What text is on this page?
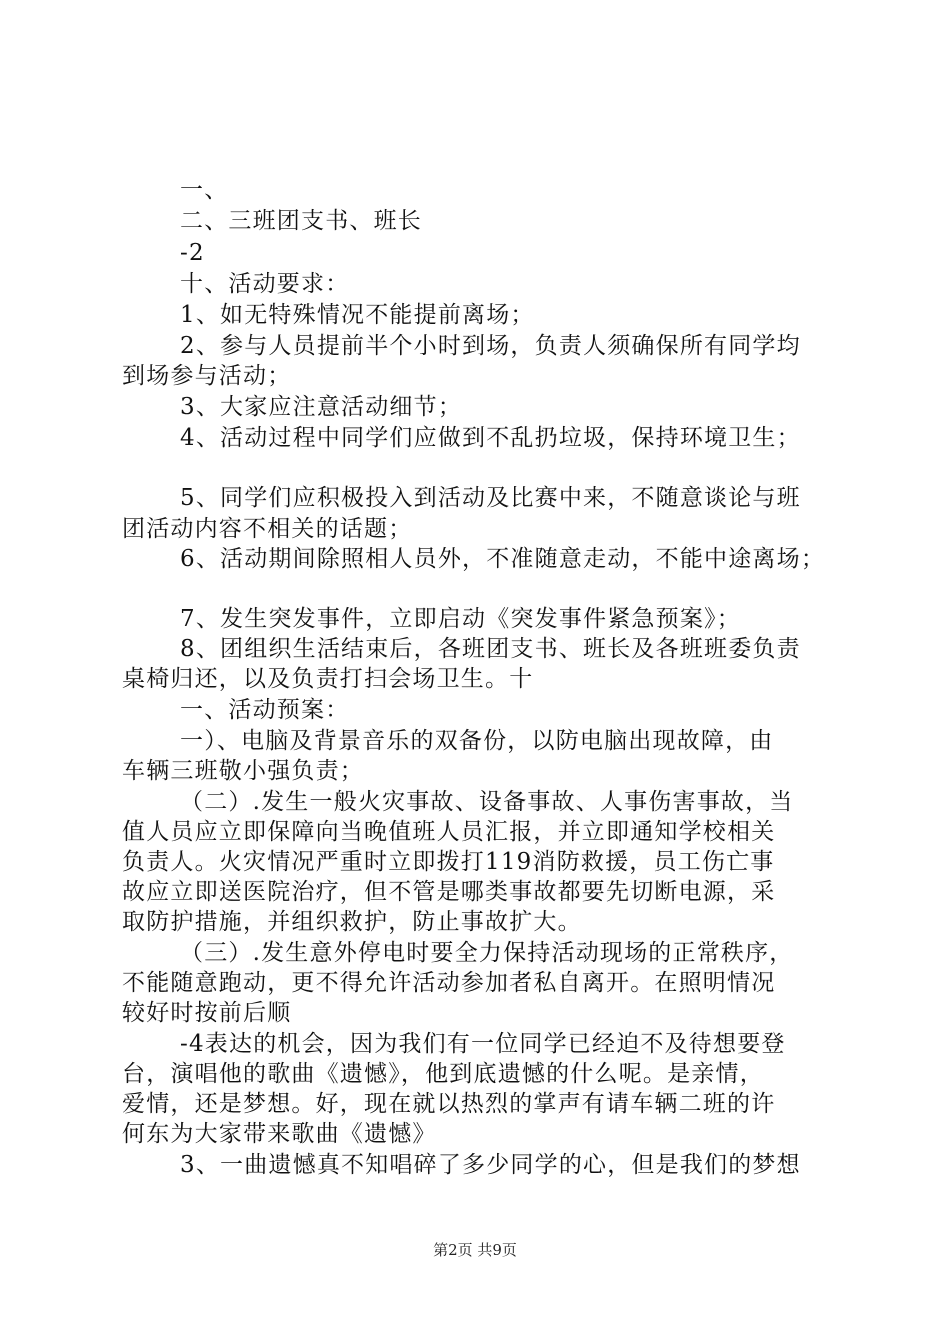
一、
二、三班团支书、班长
-2
十、活动要求：
1、如无特殊情况不能提前离场；
2、参与人员提前半个小时到场，负责人须确保所有同学均
到场参与活动；
3、大家应注意活动细节；
4、活动过程中同学们应做到不乱扔垃圾，保持环境卫生；
5、同学们应积极投入到活动及比赛中来，不随意谈论与班
团活动内容不相关的话题；
6、活动期间除照相人员外，不准随意走动，不能中途离场；
7、发生突发事件，立即启动《突发事件紧急预案》；
8、团组织生活结束后，各班团支书、班长及各班班委负责
桌椅归还，以及负责打扫会场卫生。十
一、活动预案：
一）、电脑及背景音乐的双备份，以防电脑出现故障，由
车辆三班敬小强负责；
（二）.发生一般火灾事故、设备事故、人事伤害事故，当
值人员应立即保障向当晚值班人员汇报，并立即通知学校相关
负责人。火灾情况严重时立即拨打119消防救援，员工伤亡事
故应立即送医院治疗，但不管是哪类事故都要先切断电源，采
取防护措施，并组织救护，防止事故扩大。
（三）.发生意外停电时要全力保持活动现场的正常秩序，
不能随意跑动，更不得允许活动参加者私自离开。在照明情况
较好时按前后顺
-4表达的机会，因为我们有一位同学已经迫不及待想要登
台，演唱他的歌曲《遗憾》，他到底遗憾的什么呢。是亲情，
爱情，还是梦想。好，现在就以热烈的掌声有请车辆二班的许
何东为大家带来歌曲《遗憾》
3、一曲遗憾真不知唱碎了多少同学的心，但是我们的梦想
第2页 共9页
